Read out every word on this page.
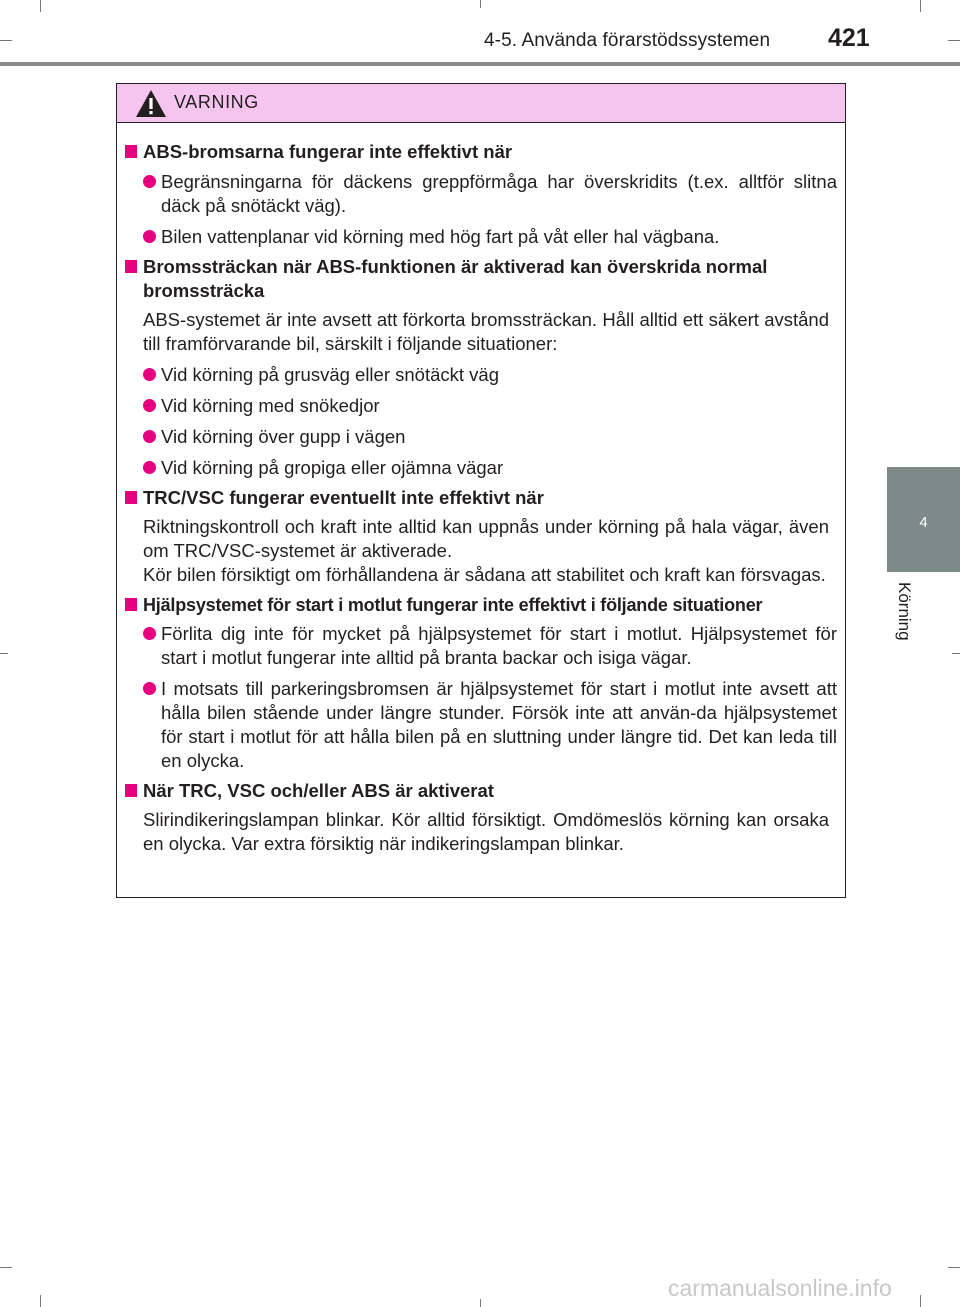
4-5. Använda förarstödssystemen 421
4
Körning
VARNING
ABS-bromsarna fungerar inte effektivt när
Begränsningarna för däckens greppförmåga har överskridits (t.ex. alltför slitna däck på snötäckt väg).
Bilen vattenplanar vid körning med hög fart på våt eller hal vägbana.
Bromssträckan när ABS-funktionen är aktiverad kan överskrida normal bromssträcka
ABS-systemet är inte avsett att förkorta bromssträckan. Håll alltid ett säkert avstånd till framförvarande bil, särskilt i följande situationer:
Vid körning på grusväg eller snötäckt väg
Vid körning med snökedjor
Vid körning över gupp i vägen
Vid körning på gropiga eller ojämna vägar
TRC/VSC fungerar eventuellt inte effektivt när
Riktningskontroll och kraft inte alltid kan uppnås under körning på hala vägar, även om TRC/VSC-systemet är aktiverade.
Kör bilen försiktigt om förhållandena är sådana att stabilitet och kraft kan försvagas.
Hjälpsystemet för start i motlut fungerar inte effektivt i följande situationer
Förlita dig inte för mycket på hjälpsystemet för start i motlut. Hjälpsystemet för start i motlut fungerar inte alltid på branta backar och isiga vägar.
I motsats till parkeringsbromsen är hjälpsystemet för start i motlut inte avsett att hålla bilen stående under längre stunder. Försök inte att använ-da hjälpsystemet för start i motlut för att hålla bilen på en sluttning under längre tid. Det kan leda till en olycka.
När TRC, VSC och/eller ABS är aktiverat
Slirindikeringslampan blinkar. Kör alltid försiktigt. Omdömeslös körning kan orsaka en olycka. Var extra försiktig när indikeringslampan blinkar.
carmanualsonline.info
